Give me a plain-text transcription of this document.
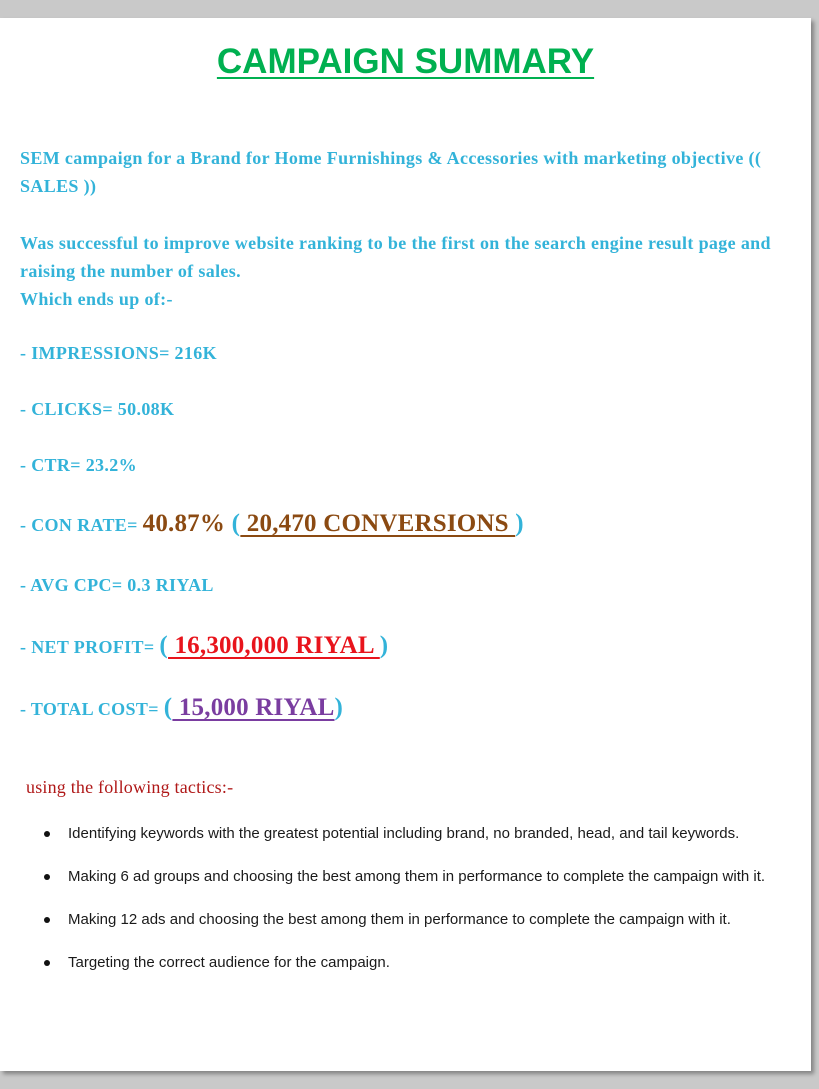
CAMPAIGN SUMMARY

SEM campaign for a Brand for Home Furnishings & Accessories with marketing objective (( SALES ))

Was successful to improve website ranking to be the first on the search engine result page and raising the number of sales.

Which ends up of:-

- IMPRESSIONS= 216K
- CLICKS= 50.08K
- CTR= 23.2%
- CON RATE= 40.87% ( 20,470 CONVERSIONS )
- AVG CPC= 0.3 RIYAL
- NET PROFIT= ( 16,300,000 RIYAL )
- TOTAL COST= ( 15,000 RIYAL)
using the following tactics:-
Identifying keywords with the greatest potential including brand, no branded, head, and tail keywords.
Making 6 ad groups and choosing the best among them in performance to complete the campaign with it.
Making 12 ads and choosing the best among them in performance to complete the campaign with it.
Targeting the correct audience for the campaign.
